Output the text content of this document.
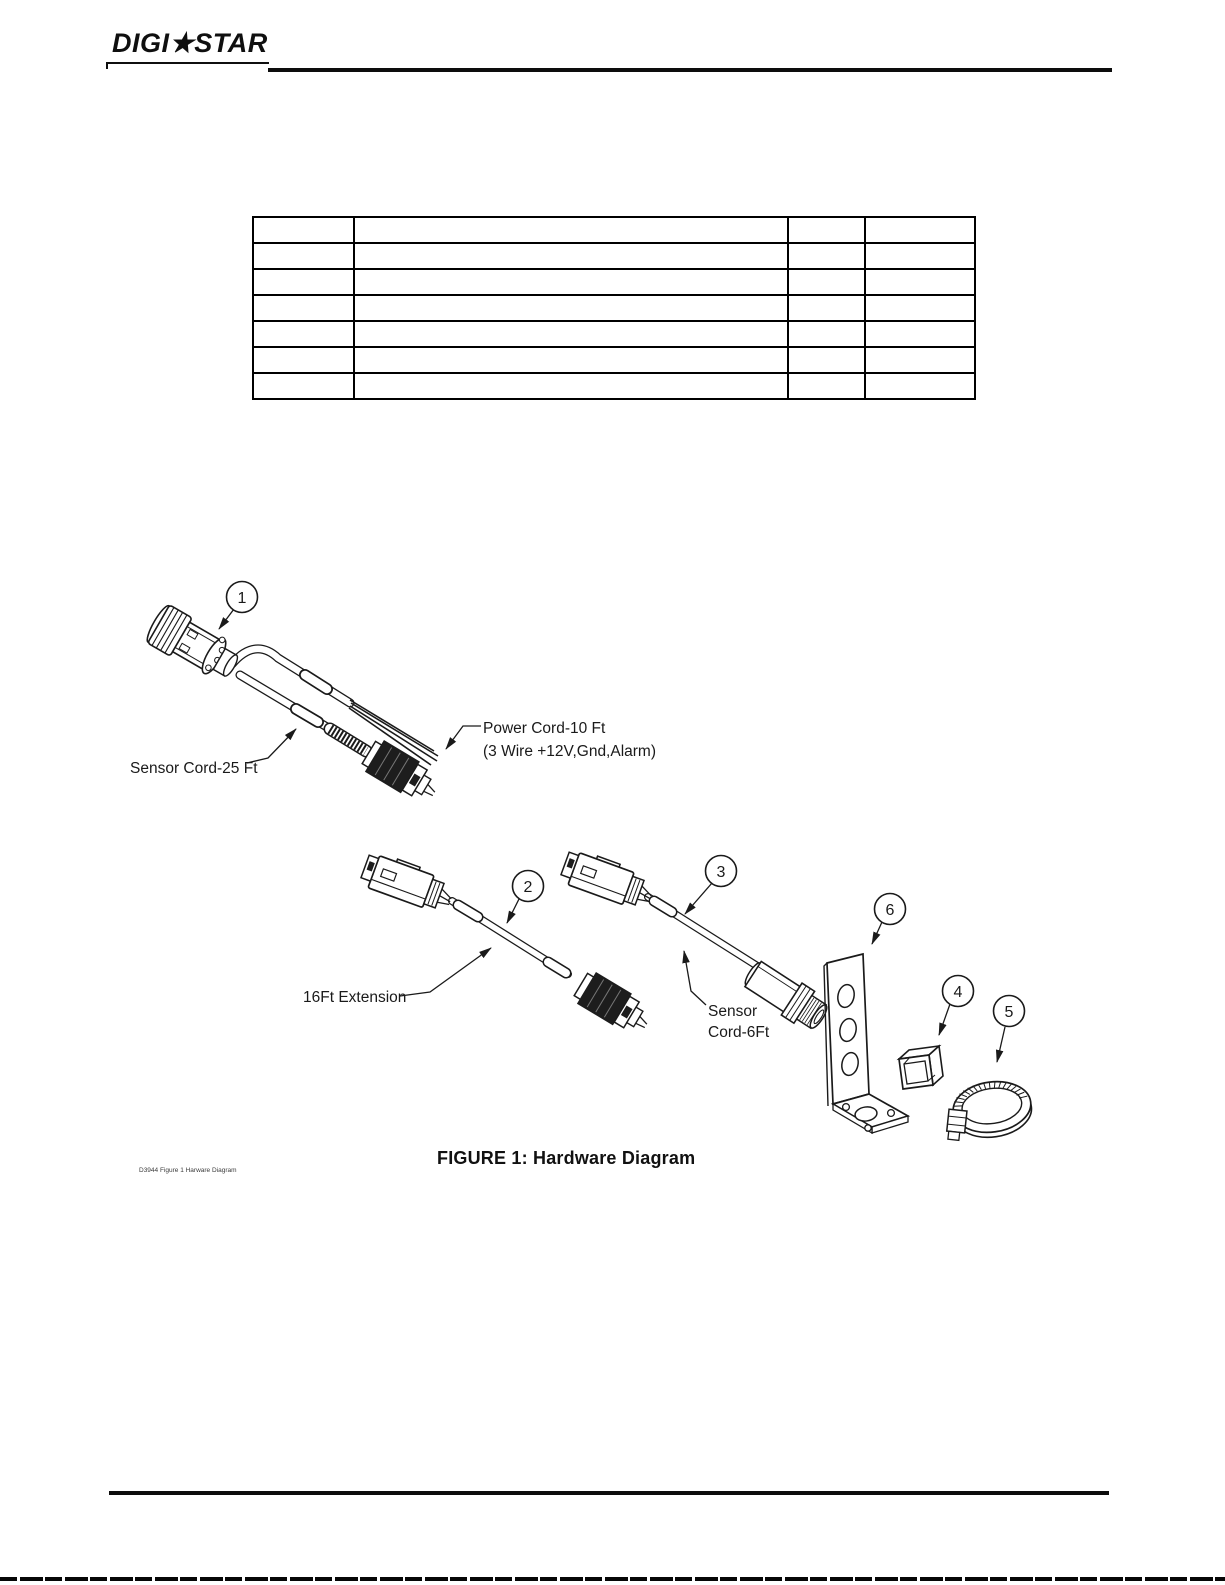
DIGI★STAR

1
2
3
4
5
6
Sensor Cord-25 Ft
Power Cord-10 Ft
(3 Wire +12V,Gnd,Alarm)
16Ft Extension
Sensor
Cord-6Ft
FIGURE 1: Hardware Diagram
D3944 Figure 1 Harware Diagram
